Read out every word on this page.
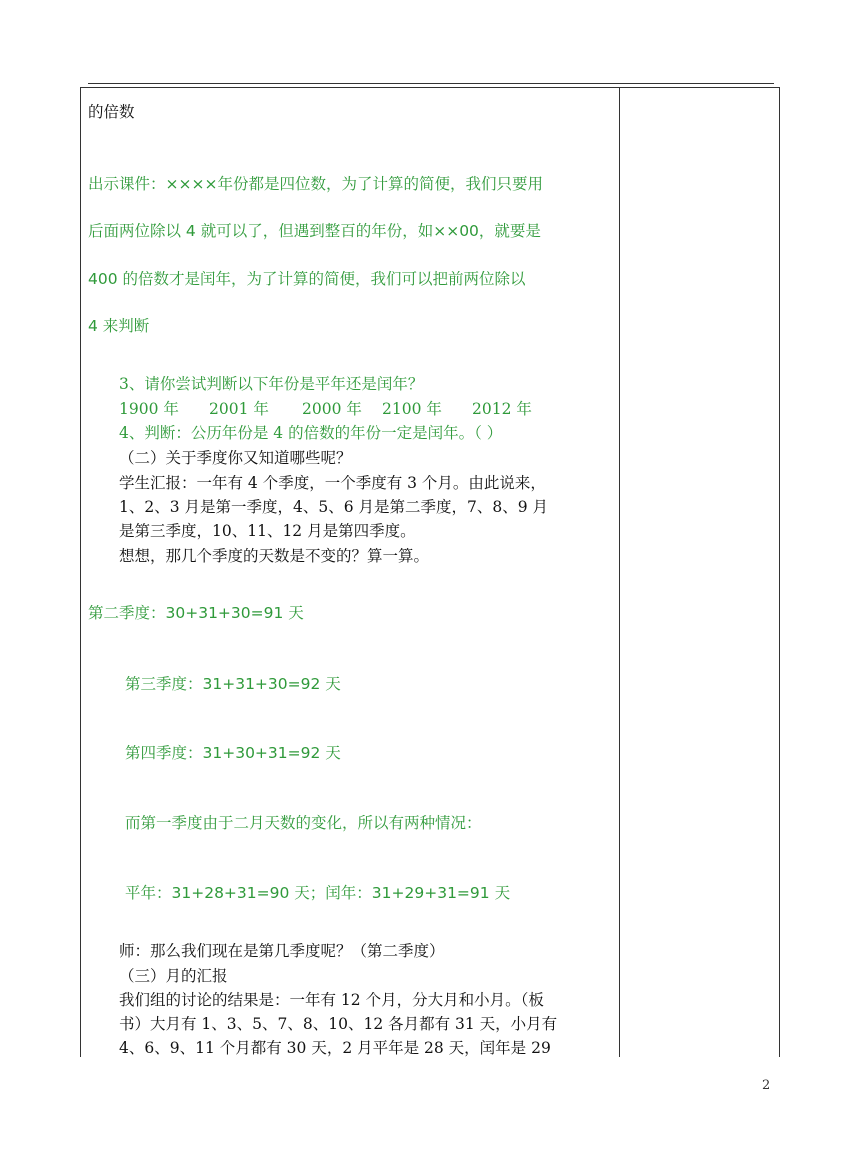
的倍数
出示课件：××××年份都是四位数，为了计算的简便，我们只要用
后面两位除以 4 就可以了，但遇到整百的年份，如××00，就要是
400 的倍数才是闰年，为了计算的简便，我们可以把前两位除以
4 来判断
3、请你尝试判断以下年份是平年还是闰年？
1900 年 2001 年 2000 年 2100 年 2012 年
4、判断：公历年份是 4 的倍数的年份一定是闰年。（ ）
（二）关于季度你又知道哪些呢？
学生汇报：一年有 4 个季度，一个季度有 3 个月。由此说来，
1、2、3 月是第一季度，4、5、6 月是第二季度，7、8、9 月
是第三季度，10、11、12 月是第四季度。
想想，那几个季度的天数是不变的？算一算。
第二季度：30+31+30=91 天
第三季度：31+31+30=92 天
第四季度：31+30+31=92 天
而第一季度由于二月天数的变化，所以有两种情况：
平年：31+28+31=90 天；闰年：31+29+31=91 天
师：那么我们现在是第几季度呢？（第二季度）
（三）月的汇报
我们组的讨论的结果是：一年有 12 个月，分大月和小月。（板
书）大月有 1、3、5、7、8、10、12 各月都有 31 天，小月有
4、6、9、11 个月都有 30 天，2 月平年是 28 天，闰年是 29
2
